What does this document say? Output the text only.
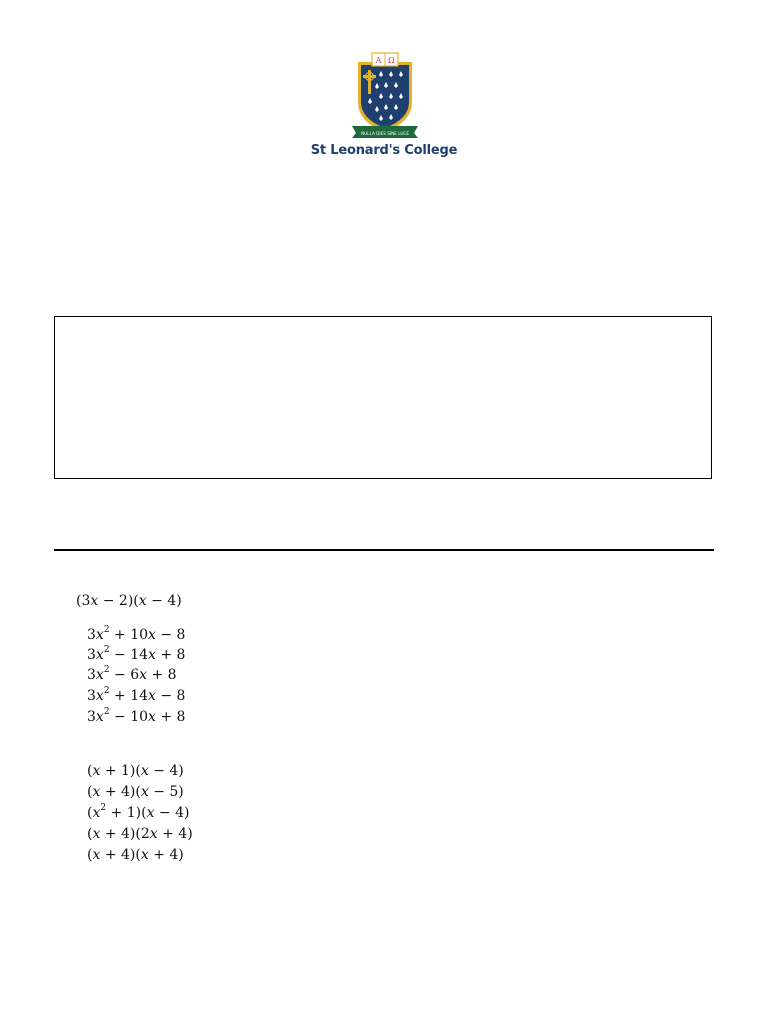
A Ω
NULLA DIES SINE LUCE
St Leonard's College
(3x − 2)(x − 4)
$3x^2 + 10x - 8$
$3x^2 - 14x + 8$
$3x^2 - 6x + 8$
$3x^2 + 14x - 8$
$3x^2 - 10x + 8$
(x + 1)(x − 4)
(x + 4)(x − 5)
$(x^2 + 1)(x - 4)$
(x + 4)(2x + 4)
(x + 4)(x + 4)
